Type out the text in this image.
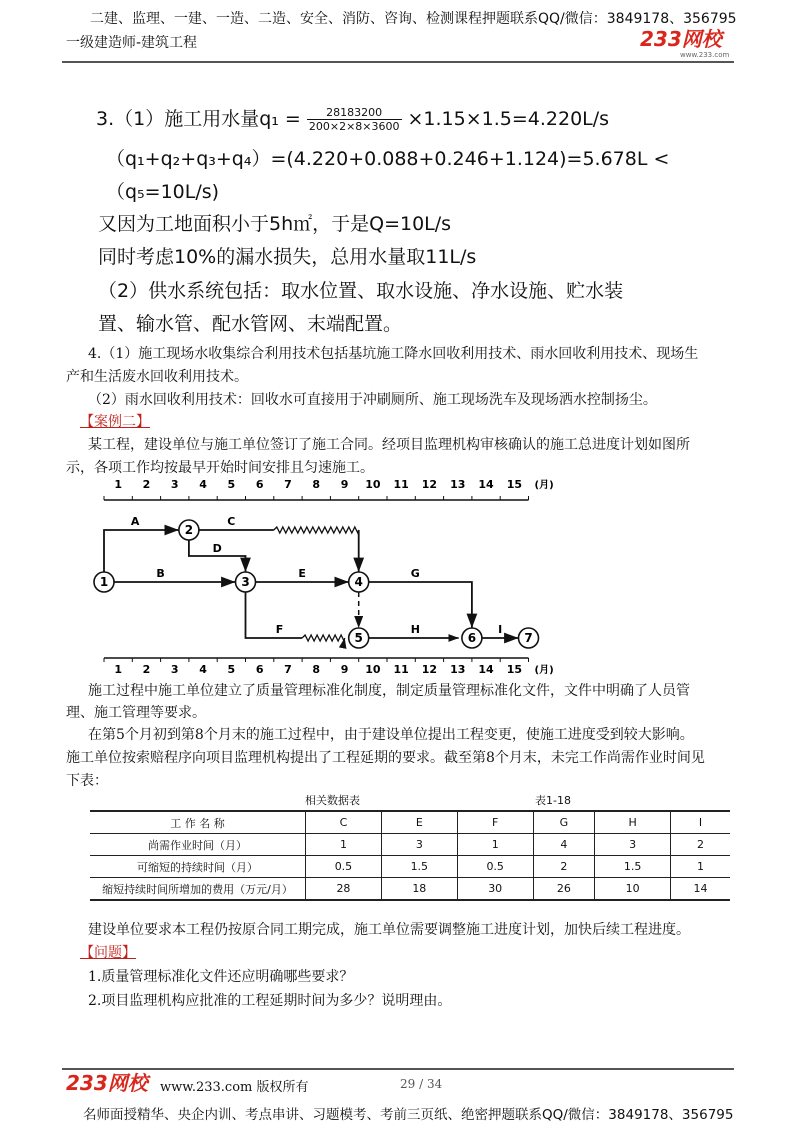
二建、监理、一建、一造、二造、安全、消防、咨询、检测课程押题联系QQ/微信：3849178、356795
一级建造师-建筑工程	233网校
www.233.com
3.（1）施工用水量$q_1 = \frac{28183200}{200\times 2\times 8\times 3600} \times 1.15\times 1.5=4.220L/s$
（q₁+q₂+q₃+q₄）=(4.220+0.088+0.246+1.124)=5.678L <
（q₅=10L/s)
又因为工地面积小于5h㎡，于是Q=10L/s
同时考虑10%的漏水损失，总用水量取11L/s
（2）供水系统包括：取水位置、取水设施、净水设施、贮水装
置、输水管、配水管网、末端配置。
4.（1）施工现场水收集综合利用技术包括基坑施工降水回收利用技术、雨水回收利用技术、现场生
产和生活废水回收利用技术。
（2）雨水回收利用技术：回收水可直接用于冲刷厕所、施工现场洗车及现场洒水控制扬尘。
【案例二】
某工程，建设单位与施工单位签订了施工合同。经项目监理机构审核确认的施工总进度计划如图所
示，各项工作均按最早开始时间安排且匀速施工。
1 2 3 4 5 6 7 8 9 10 11 12 13 14 15 (月)
1 2 3 4 5 6 7 8 9 10 11 12 13 14 15 (月)
A
B
C
D
E
F
G
H	I
1
2
3	4
5	6	7
施工过程中施工单位建立了质量管理标准化制度，制定质量管理标准化文件，文件中明确了人员管
理、施工管理等要求。
在第5个月初到第8个月末的施工过程中，由于建设单位提出工程变更，使施工进度受到较大影响。
施工单位按索赔程序向项目监理机构提出了工程延期的要求。截至第8个月末，未完工作尚需作业时间见
下表：
相关数据表	表1-18
工 作 名 称	C	E	F	G	H	I
尚需作业时间（月）	1	3	1	4	3	2
可缩短的持续时间（月）	0.5	1.5	0.5	2	1.5	1
缩短持续时间所增加的费用（万元/月）	28	18	30	26	10	14
建设单位要求本工程仍按原合同工期完成，施工单位需要调整施工进度计划，加快后续工程进度。
【问题】
1.质量管理标准化文件还应明确哪些要求？
2.项目监理机构应批准的工程延期时间为多少？说明理由。
233网校 www.233.com 版权所有	29 / 34
名师面授精华、央企内训、考点串讲、习题模考、考前三页纸、绝密押题联系QQ/微信：3849178、356795
